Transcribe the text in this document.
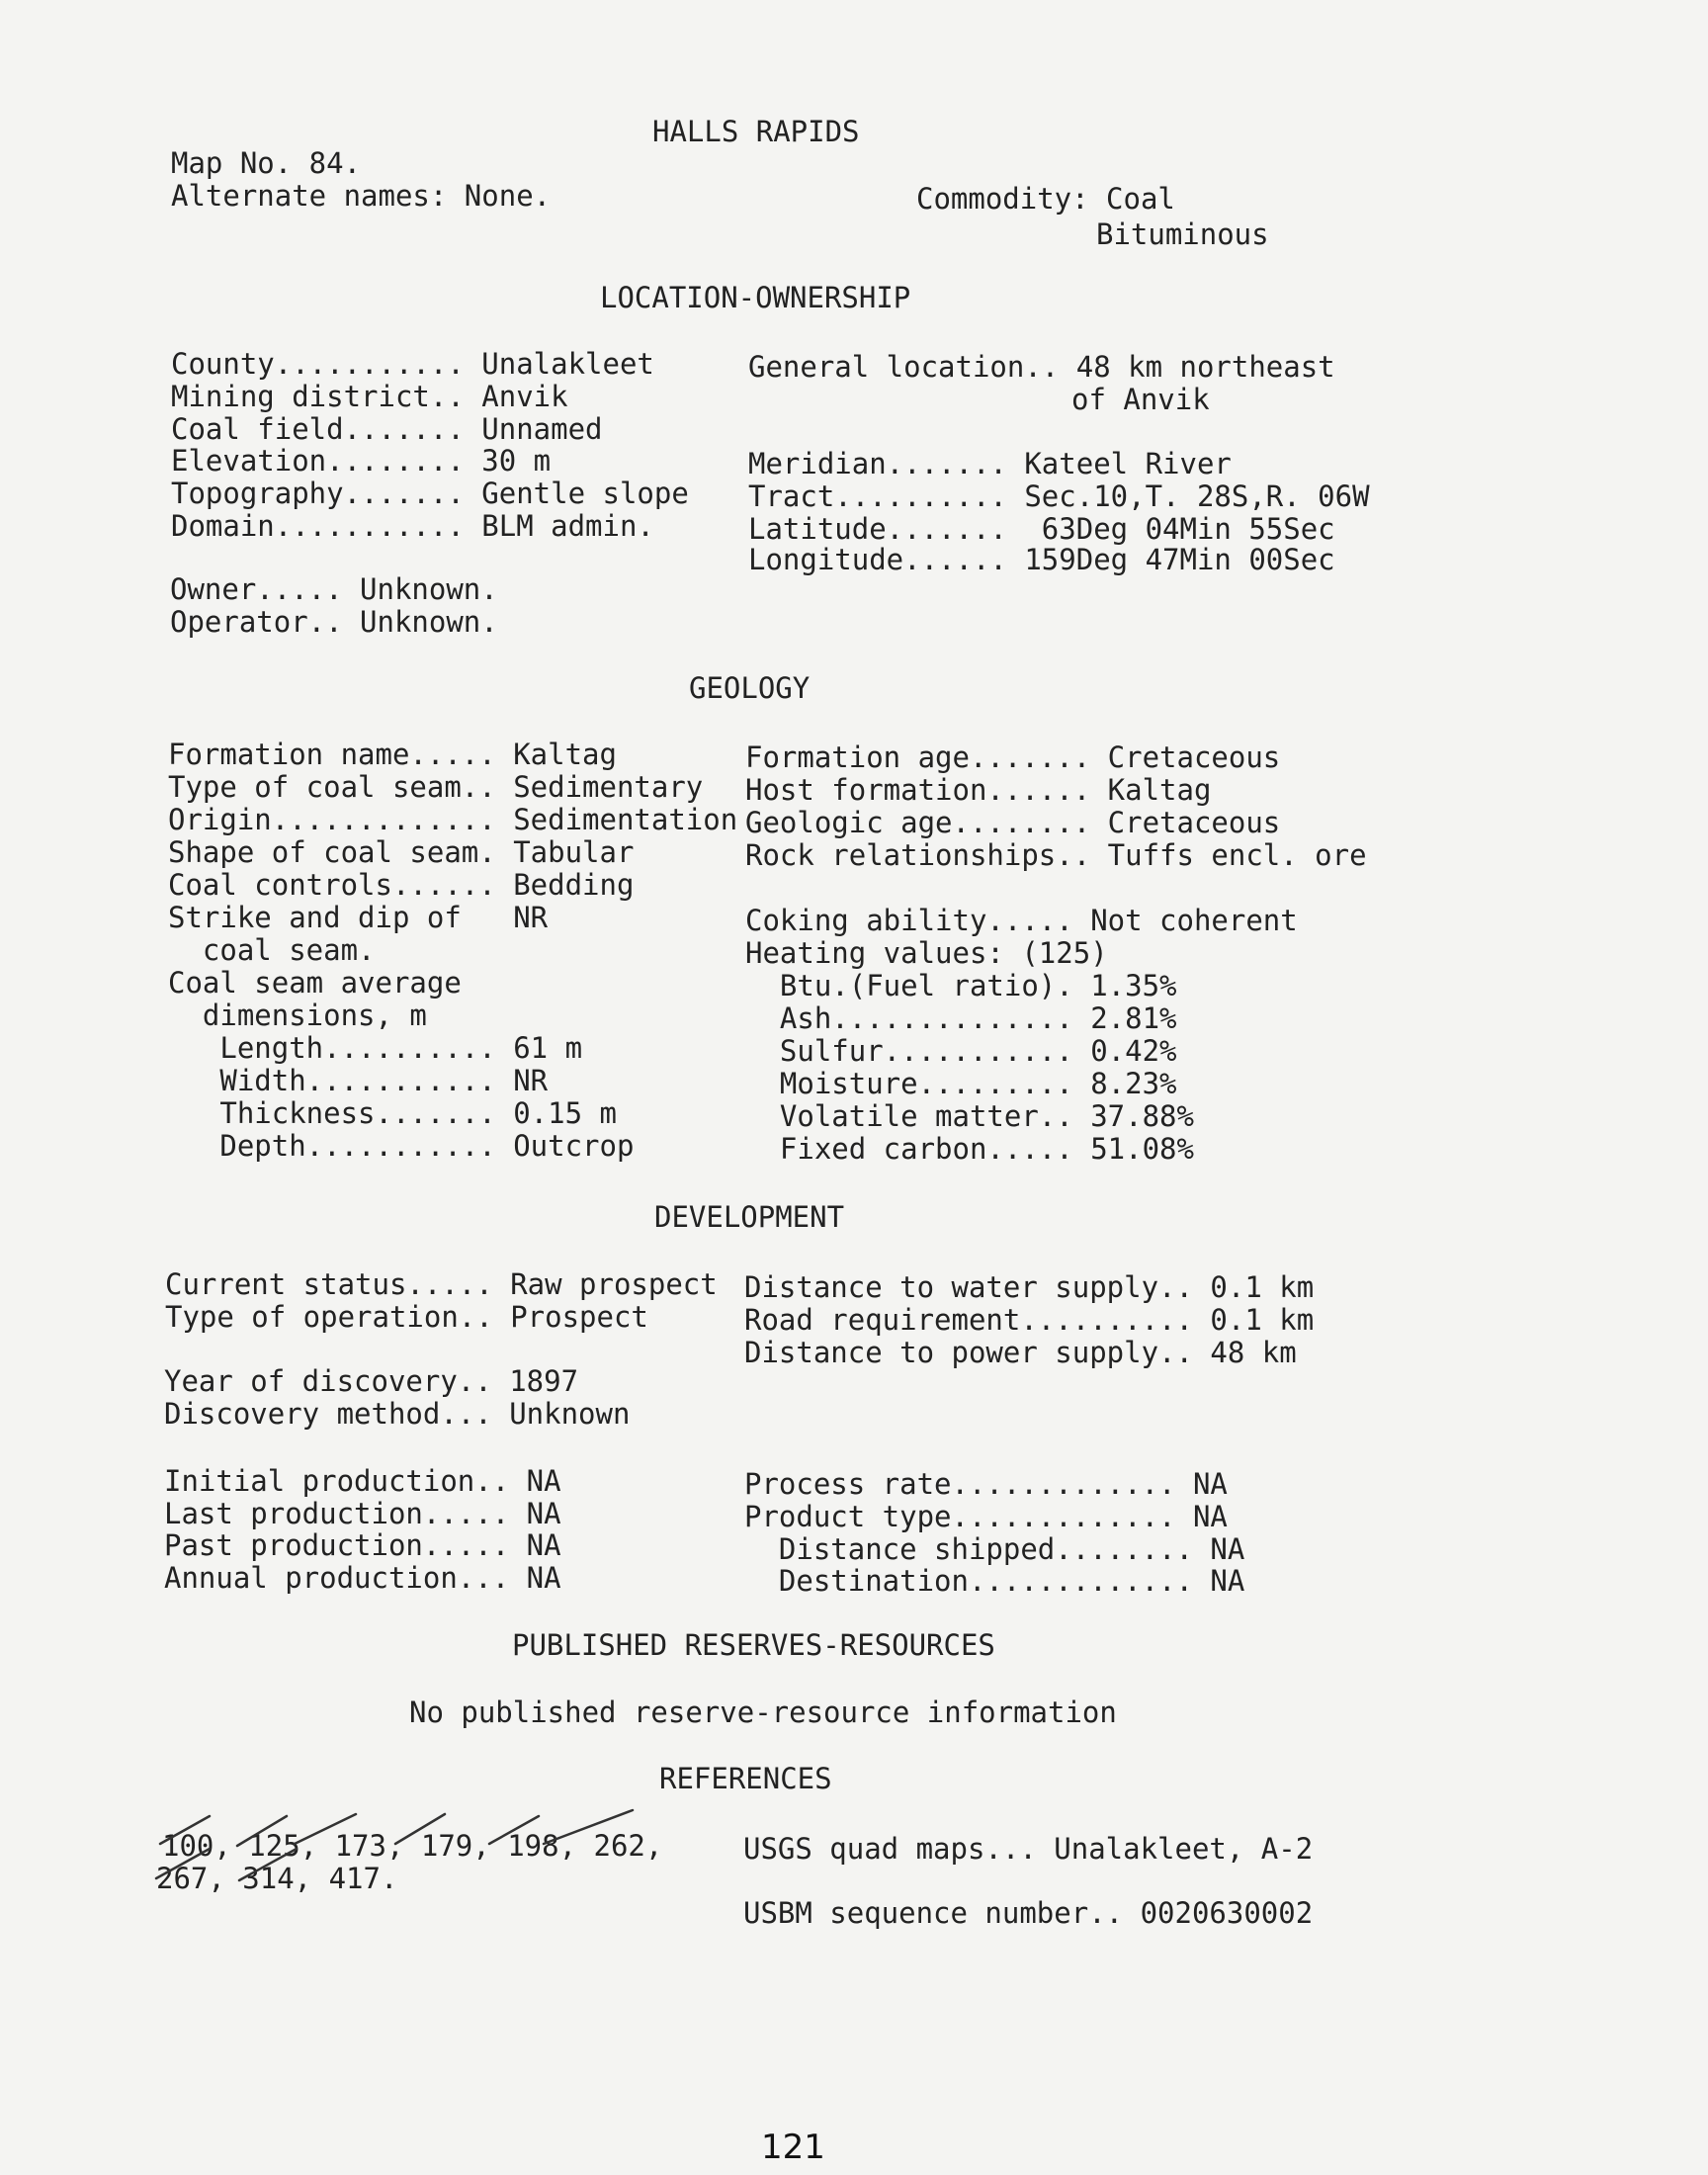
HALLS RAPIDS
Map No. 84.
Alternate names: None.	Commodity: Coal
Bituminous
LOCATION-OWNERSHIP
County........... Unalakleet
Mining district.. Anvik
Coal field....... Unnamed
Elevation........ 30 m
Topography....... Gentle slope
Domain........... BLM admin.
General location.. 48 km northeast
of Anvik
Meridian....... Kateel River
Tract.......... Sec.10,T. 28S,R. 06W
Latitude.......  63Deg 04Min 55Sec
Longitude...... 159Deg 47Min 00Sec
Owner..... Unknown.
Operator.. Unknown.
GEOLOGY
Formation name..... Kaltag
Type of coal seam.. Sedimentary
Origin............. Sedimentation
Shape of coal seam. Tabular
Coal controls...... Bedding
Strike and dip of   NR
coal seam.
Coal seam average
dimensions, m
Length.......... 61 m
Width........... NR
Thickness....... 0.15 m
Depth........... Outcrop
Formation age....... Cretaceous
Host formation...... Kaltag
Geologic age........ Cretaceous
Rock relationships.. Tuffs encl. ore
Coking ability..... Not coherent
Heating values: (125)
Btu.(Fuel ratio). 1.35%
Ash.............. 2.81%
Sulfur........... 0.42%
Moisture......... 8.23%
Volatile matter.. 37.88%
Fixed carbon..... 51.08%
DEVELOPMENT
Current status..... Raw prospect
Type of operation.. Prospect
Distance to water supply.. 0.1 km
Road requirement.......... 0.1 km
Distance to power supply.. 48 km
Year of discovery.. 1897
Discovery method... Unknown
Initial production.. NA
Last production..... NA
Past production..... NA
Annual production... NA
Process rate............. NA
Product type............. NA
Distance shipped........ NA
Destination............. NA
PUBLISHED RESERVES-RESOURCES
No published reserve-resource information
REFERENCES
100, 125, 173, 179, 198, 262,
267, 314, 417.
USGS quad maps... Unalakleet, A-2
USBM sequence number.. 0020630002
121
